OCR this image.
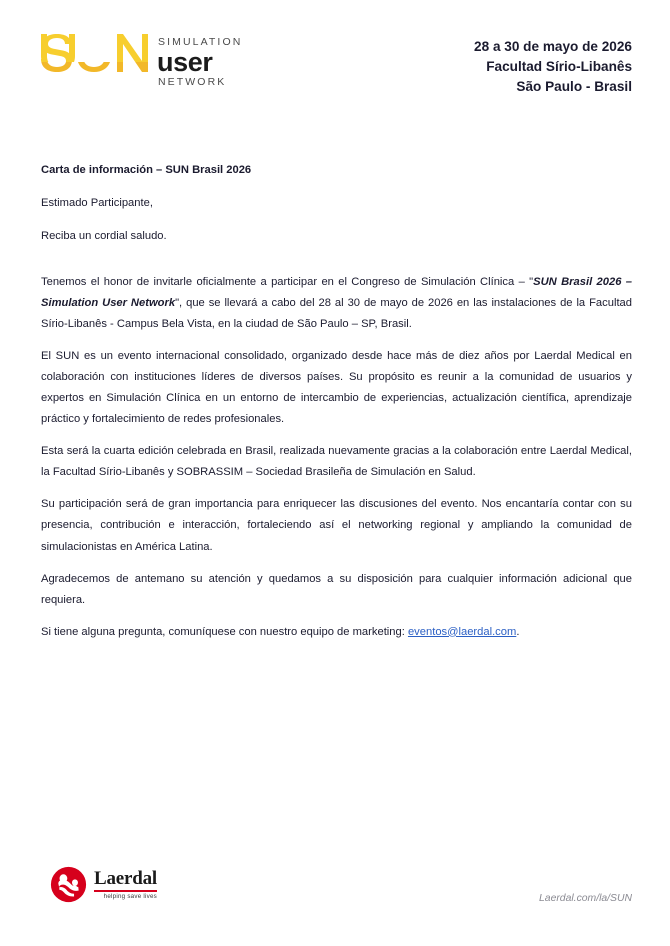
SIMULATION
user
NETWORK
28 a 30 de mayo de 2026
Facultad Sírio-Libanês
São Paulo - Brasil
Carta de información – SUN Brasil 2026
Estimado Participante,
Reciba un cordial saludo.

Tenemos el honor de invitarle oficialmente a participar en el Congreso de Simulación Clínica – "SUN Brasil 2026 – Simulation User Network", que se llevará a cabo del 28 al 30 de mayo de 2026 en las instalaciones de la Facultad Sírio-Libanês - Campus Bela Vista, en la ciudad de São Paulo – SP, Brasil.

El SUN es un evento internacional consolidado, organizado desde hace más de diez años por Laerdal Medical en colaboración con instituciones líderes de diversos países. Su propósito es reunir a la comunidad de usuarios y expertos en Simulación Clínica en un entorno de intercambio de experiencias, actualización científica, aprendizaje práctico y fortalecimiento de redes profesionales.

Esta será la cuarta edición celebrada en Brasil, realizada nuevamente gracias a la colaboración entre Laerdal Medical, la Facultad Sírio-Libanês y SOBRASSIM – Sociedad Brasileña de Simulación en Salud.

Su participación será de gran importancia para enriquecer las discusiones del evento. Nos encantaría contar con su presencia, contribución e interacción, fortaleciendo así el networking regional y ampliando la comunidad de simulacionistas en América Latina.

Agradecemos de antemano su atención y quedamos a su disposición para cualquier información adicional que requiera.

Si tiene alguna pregunta, comuníquese con nuestro equipo de marketing: eventos@laerdal.com.

Laerdal
helping save lives	Laerdal.com/la/SUN
